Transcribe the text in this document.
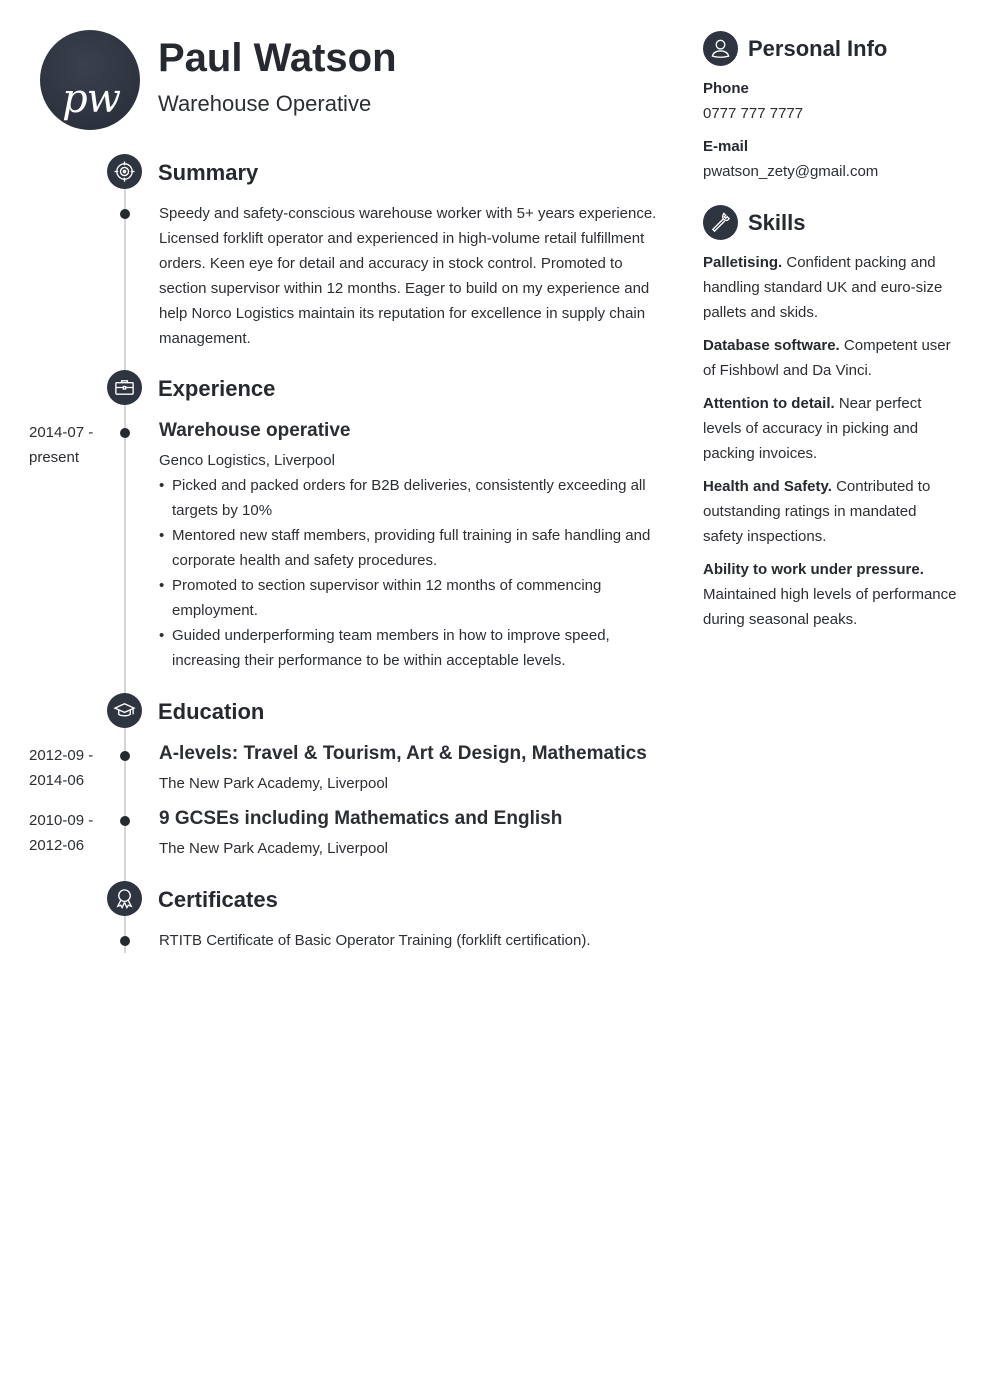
pw
Paul Watson

Warehouse Operative

Summary

Speedy and safety-conscious warehouse worker with 5+ years experience. Licensed forklift operator and experienced in high-volume retail fulfillment orders. Keen eye for detail and accuracy in stock control. Promoted to section supervisor within 12 months. Eager to build on my experience and help Norco Logistics maintain its reputation for excellence in supply chain management.

Experience
2014-07 -
present
Warehouse operative

Genco Logistics, Liverpool

• Picked and packed orders for B2B deliveries, consistently exceeding all targets by 10%
• Mentored new staff members, providing full training in safe handling and corporate health and safety procedures.
• Promoted to section supervisor within 12 months of commencing employment.
• Guided underperforming team members in how to improve speed, increasing their performance to be within acceptable levels.
Education
2012-09 -
2014-06
A-levels: Travel & Tourism, Art & Design, Mathematics

The New Park Academy, Liverpool

2010-09 -
2012-06
9 GCSEs including Mathematics and English

The New Park Academy, Liverpool

Certificates

RTITB Certificate of Basic Operator Training (forklift certification).

Personal Info

Phone

0777 777 7777

E-mail

pwatson_zety@gmail.com

Skills

Palletising. Confident packing and handling standard UK and euro-size pallets and skids.

Database software. Competent user of Fishbowl and Da Vinci.

Attention to detail. Near perfect levels of accuracy in picking and packing invoices.

Health and Safety. Contributed to outstanding ratings in mandated safety inspections.

Ability to work under pressure.
Maintained high levels of performance during seasonal peaks.
